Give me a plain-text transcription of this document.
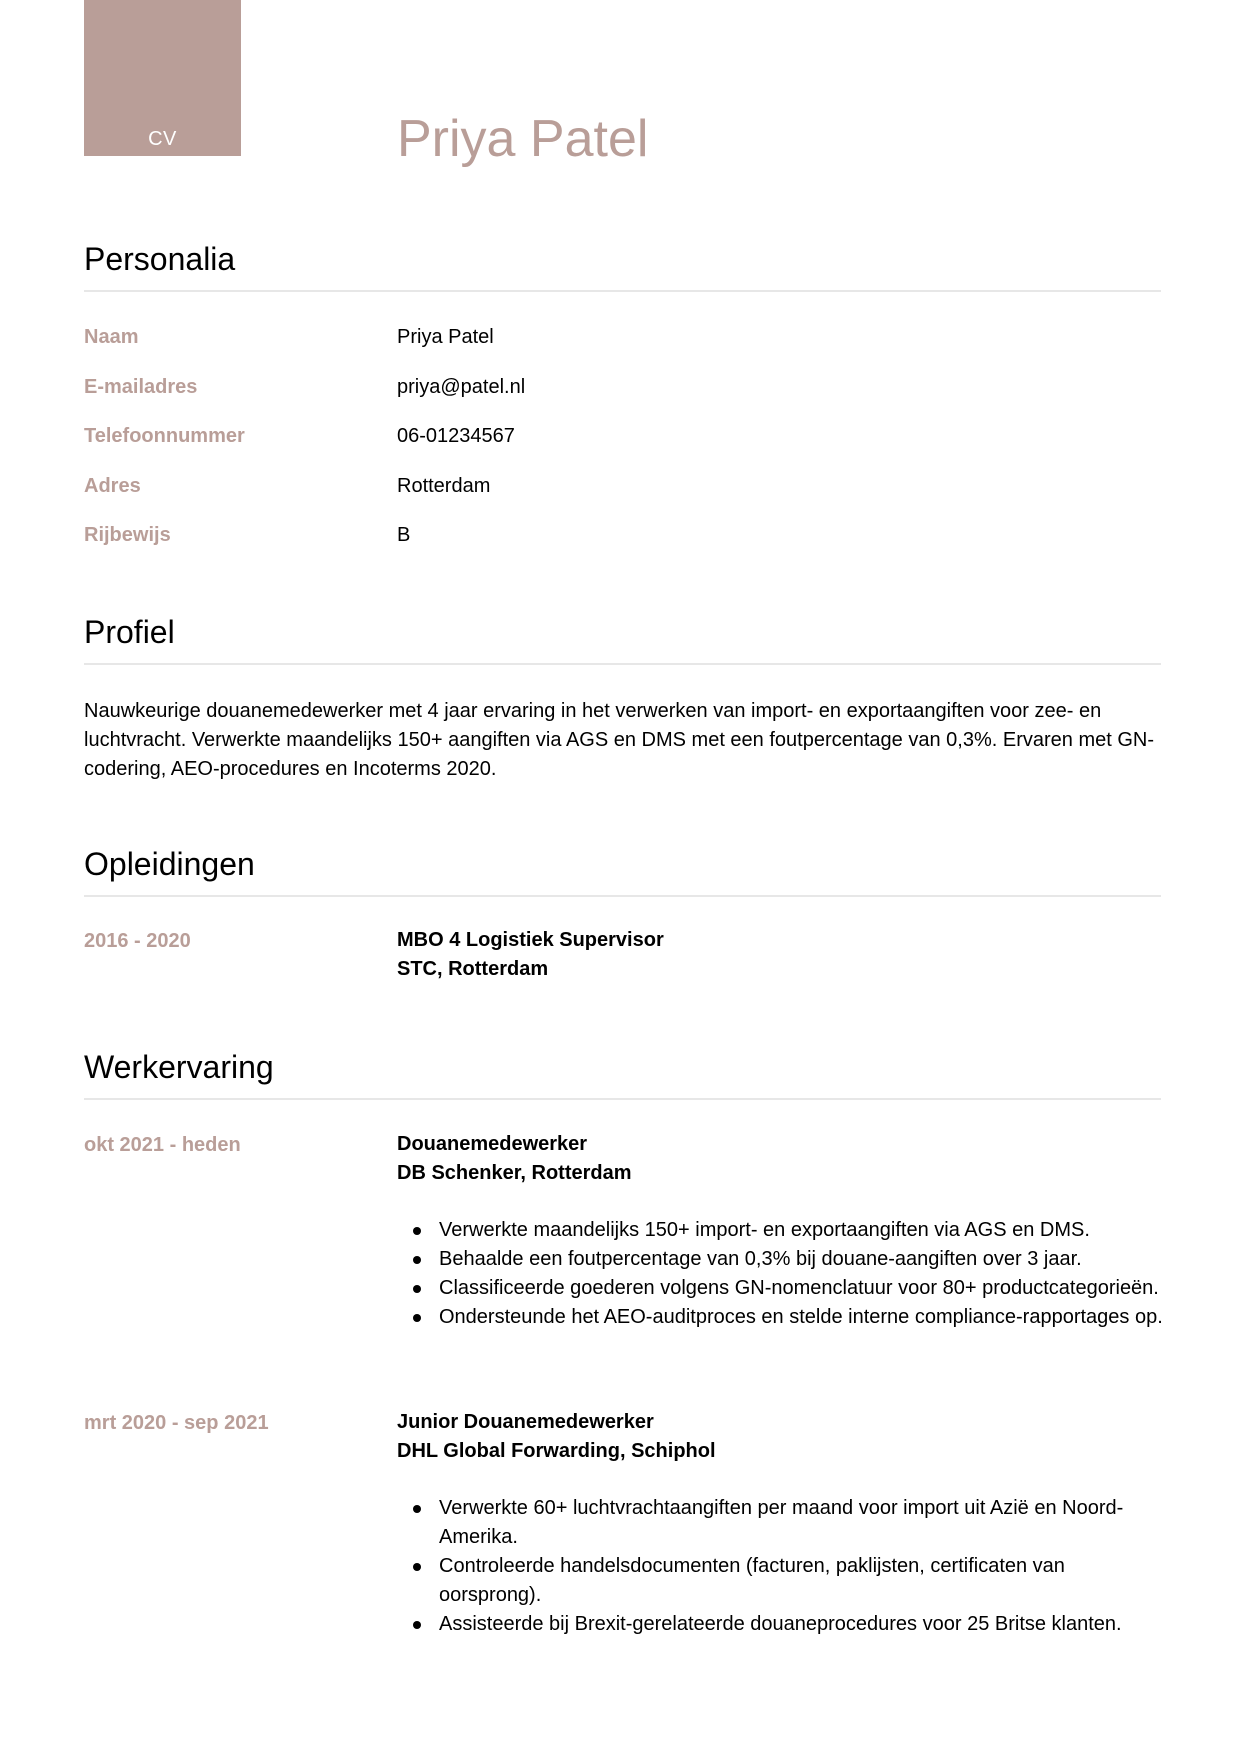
CV	Priya Patel
Personalia
Naam	Priya Patel
E-mailadres	priya@patel.nl
Telefoonnummer	06-01234567
Adres	Rotterdam
Rijbewijs	B
Profiel

Nauwkeurige douanemedewerker met 4 jaar ervaring in het verwerken van import- en exportaangiften voor zee- en luchtvracht. Verwerkte maandelijks 150+ aangiften via AGS en DMS met een foutpercentage van 0,3%. Ervaren met GN-codering, AEO-procedures en Incoterms 2020.

Opleidingen
2016 - 2020	MBO 4 Logistiek Supervisor
STC, Rotterdam
Werkervaring
okt 2021 - heden	Douanemedewerker
DB Schenker, Rotterdam
Verwerkte maandelijks 150+ import- en exportaangiften via AGS en DMS.
Behaalde een foutpercentage van 0,3% bij douane-aangiften over 3 jaar.
Classificeerde goederen volgens GN-nomenclatuur voor 80+ productcategorieën.
Ondersteunde het AEO-auditproces en stelde interne compliance-rapportages op.
mrt 2020 - sep 2021	Junior Douanemedewerker
DHL Global Forwarding, Schiphol
Verwerkte 60+ luchtvrachtaangiften per maand voor import uit Azië en Noord-Amerika.
Controleerde handelsdocumenten (facturen, paklijsten, certificaten van oorsprong).
Assisteerde bij Brexit-gerelateerde douaneprocedures voor 25 Britse klanten.
